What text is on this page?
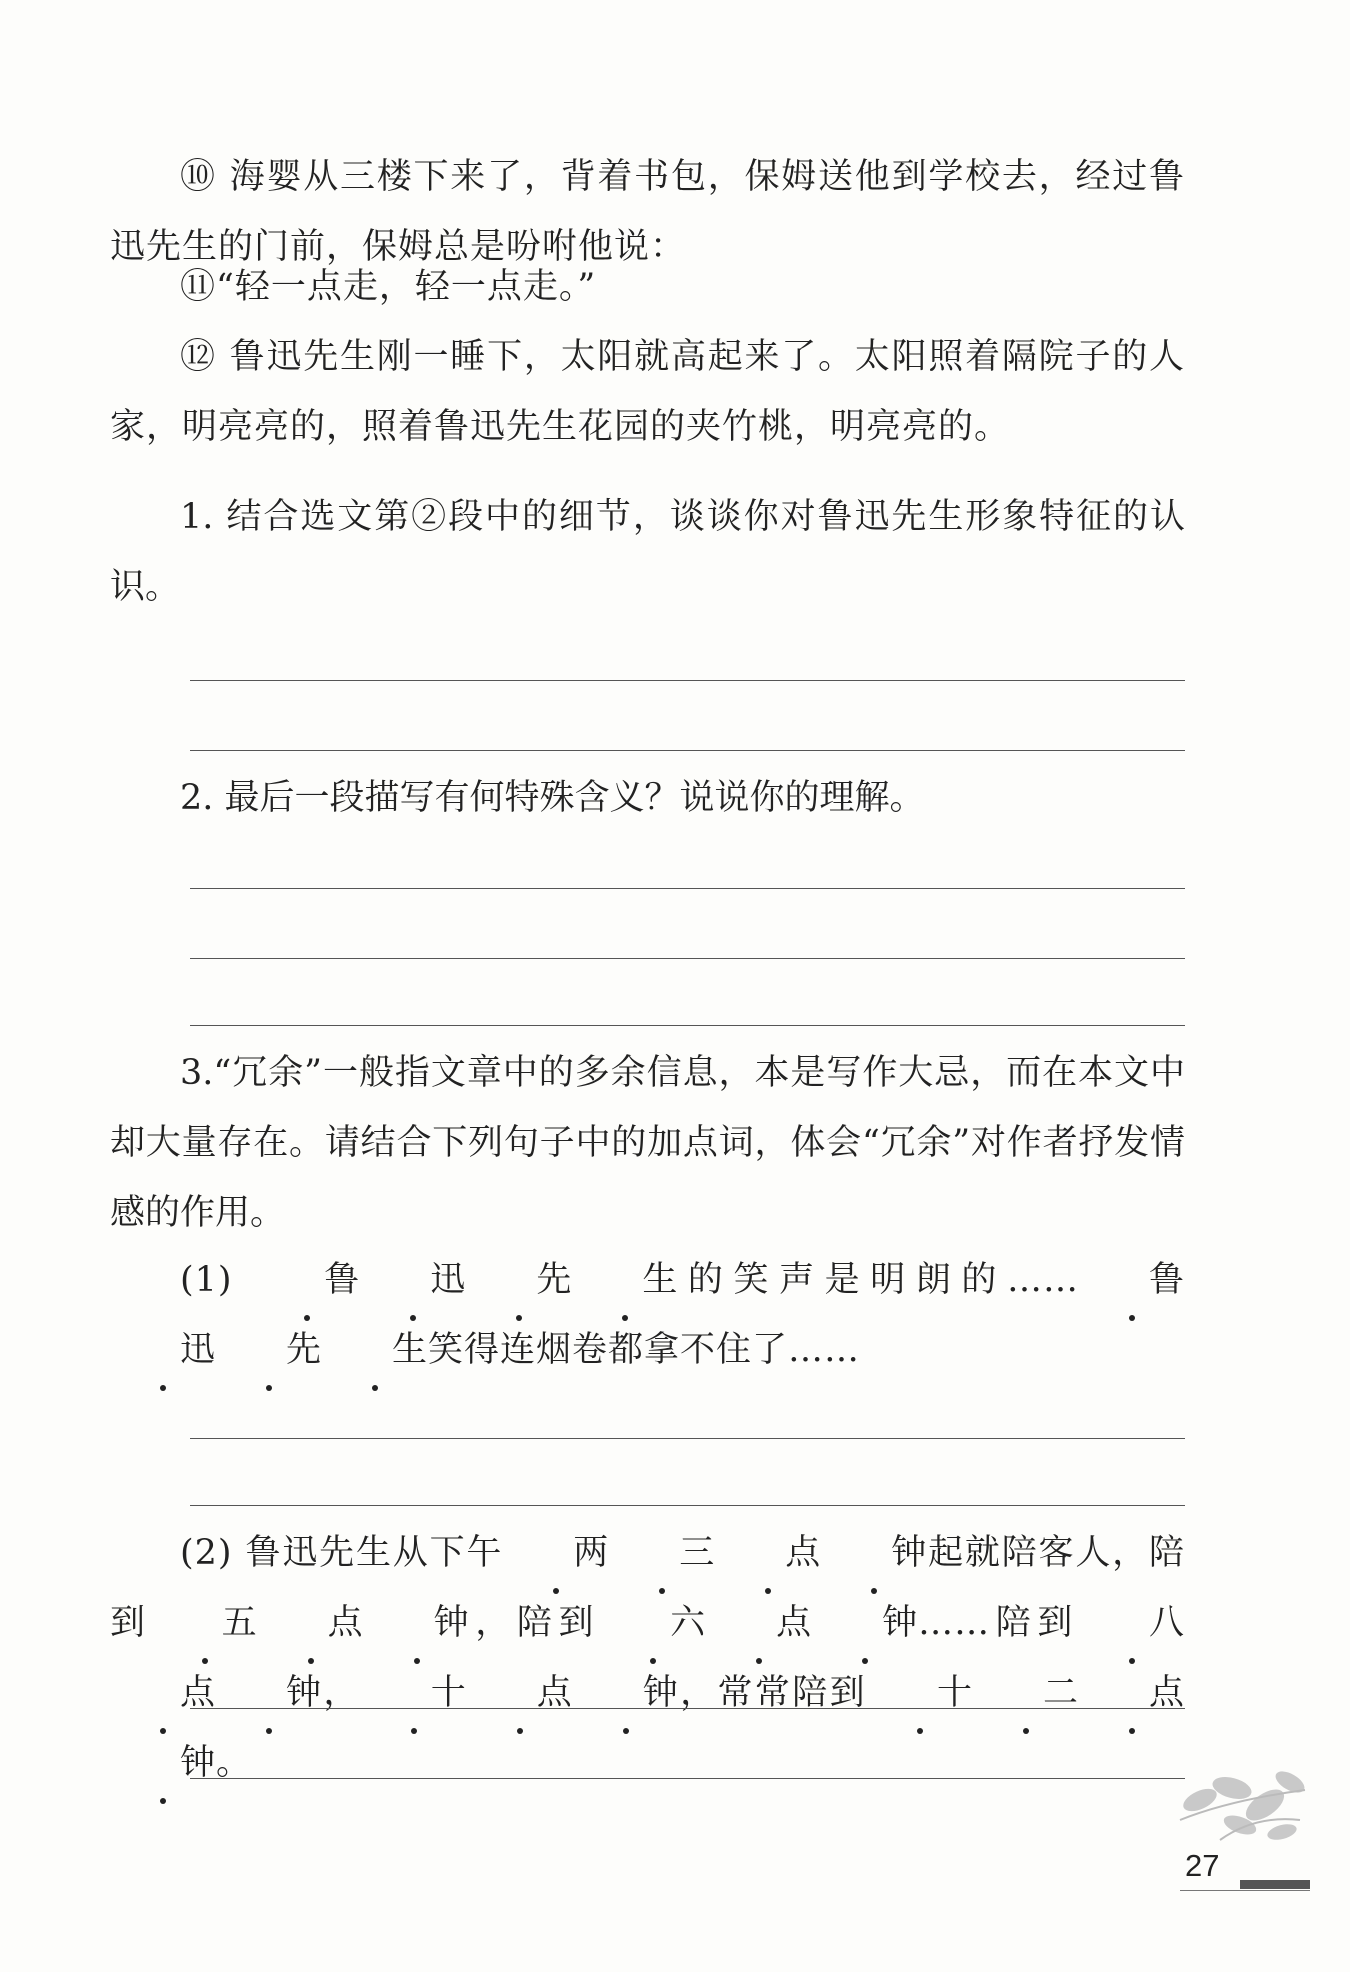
⑩ 海婴从三楼下来了，背着书包，保姆送他到学校去，经过鲁迅先生的门前，保姆总是吩咐他说：

⑪“轻一点走，轻一点走。”

⑫ 鲁迅先生刚一睡下，太阳就高起来了。太阳照着隔院子的人家，明亮亮的，照着鲁迅先生花园的夹竹桃，明亮亮的。

1. 结合选文第②段中的细节，谈谈你对鲁迅先生形象特征的认识。

2. 最后一段描写有何特殊含义？说说你的理解。

3.“冗余”一般指文章中的多余信息，本是写作大忌，而在本文中却大量存在。请结合下列句子中的加点词，体会“冗余”对作者抒发情感的作用。

(1) 鲁 迅 先 生的笑声是明朗的…… 鲁迅 先 生笑得连烟卷都拿不住了……

(2) 鲁迅先生从下午 两 三 点 钟起就陪客人，陪到 五 点 钟，陪到 六 点 钟……陪到 八点 钟， 十 点 钟，常常陪到 十 二 点钟。

27
